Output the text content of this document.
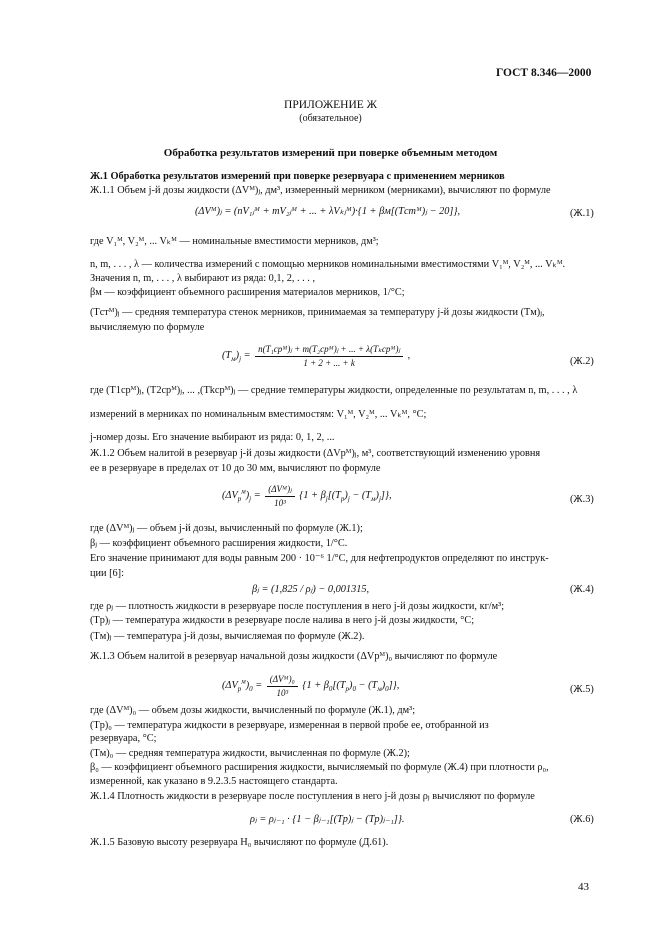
ГОСТ 8.346—2000
ПРИЛОЖЕНИЕ Ж
(обязательное)
Обработка результатов измерений при поверке объемным методом
Ж.1 Обработка результатов измерений при поверке резервуара с применением мерников
Ж.1.1 Объем j-й дозы жидкости (ΔVᴹ)ⱼ, дм³, измеренный мерником (мерниками), вычисляют по формуле
(ΔVᴹ)ⱼ = (nV₁ⱼᴹ + mV₂ⱼᴹ + ... + λVₖⱼᴹ)·{1 + βм[(Tстᴹ)ⱼ − 20]},	(Ж.1)
где V₁ᴹ, V₂ᴹ, ... Vₖᴹ — номинальные вместимости мерников, дм³;
n, m, . . . , λ — количества измерений с помощью мерников номинальными вместимостями V₁ᴹ, V₂ᴹ, ... Vₖᴹ.
Значения n, m, . . . , λ выбирают из ряда: 0,1, 2, . . . ,
βм — коэффициент объемного расширения материалов мерников, 1/°С;
(Tстᴹ)ⱼ — средняя температура стенок мерников, принимаемая за температуру j-й дозы жидкости (Tм)ⱼ,
вычисляемую по формуле
$(T_м)_j = \frac{\text{n(T₁срᴹ)ⱼ + m(T₂срᴹ)ⱼ + ... + λ(Tₖсрᴹ)ⱼ}}{1 + 2 + ... + k}$ ,
(Ж.2)
где (T1срᴹ)ⱼ, (T2срᴹ)ⱼ, ... ,(Tkсрᴹ)ⱼ — средние температуры жидкости, определенные по результатам n, m, . . . , λ
измерений в мерниках по номинальным вместимостям: V₁ᴹ, V₂ᴹ, ... Vₖᴹ, °С;
j-номер дозы. Его значение выбирают из ряда: 0, 1, 2, ...
Ж.1.2 Объем налитой в резервуар j-й дозы жидкости (ΔVрᴹ)ⱼ, м³, соответствующий изменению уровня
ее в резервуаре в пределах от 10 до 30 мм, вычисляют по формуле
$(\Delta V_р^м)_j = \frac{\text{(ΔVᴹ)ⱼ}}{\text{10³}} \{1 + \beta_j[(T_р)_j - (T_м)_j]\}$,	(Ж.3)
где (ΔVᴹ)ⱼ — объем j-й дозы, вычисленный по формуле (Ж.1);
βⱼ — коэффициент объемного расширения жидкости, 1/°С.
Его значение принимают для воды равным 200 · 10⁻⁶ 1/°С, для нефтепродуктов определяют по инструк-
ции [6]:
βⱼ = (1,825 / ρⱼ) − 0,001315,	(Ж.4)
где ρⱼ — плотность жидкости в резервуаре после поступления в него j-й дозы жидкости, кг/м³;
(Tр)ⱼ — температура жидкости в резервуаре после налива в него j-й дозы жидкости, °С;
(Tм)ⱼ — температура j-й дозы, вычисляемая по формуле (Ж.2).
Ж.1.3 Объем налитой в резервуар начальной дозы жидкости (ΔVрᴹ)₀ вычисляют по формуле
$(\Delta V_р^м)_0 = \frac{\text{(ΔVᴹ)₀}}{\text{10³}} \{1 + \beta_0[(T_р)_0 - (T_м)_0]\}$,	(Ж.5)
где (ΔVᴹ)₀ — объем дозы жидкости, вычисленный по формуле (Ж.1), дм³;
(Tр)₀ — температура жидкости в резервуаре, измеренная в первой пробе ее, отобранной из
резервуара, °С;
(Tм)₀ — средняя температура жидкости, вычисленная по формуле (Ж.2);
β₀ — коэффициент объемного расширения жидкости, вычисляемый по формуле (Ж.4) при плотности ρ₀,
измеренной, как указано в 9.2.3.5 настоящего стандарта.
Ж.1.4 Плотность жидкости в резервуаре после поступления в него j-й дозы ρⱼ вычисляют по формуле
ρⱼ = ρⱼ₋₁ · {1 − βⱼ₋₁[(Tр)ⱼ − (Tр)ⱼ₋₁]}.	(Ж.6)
Ж.1.5 Базовую высоту резервуара H₀ вычисляют по формуле (Д.61).
43
